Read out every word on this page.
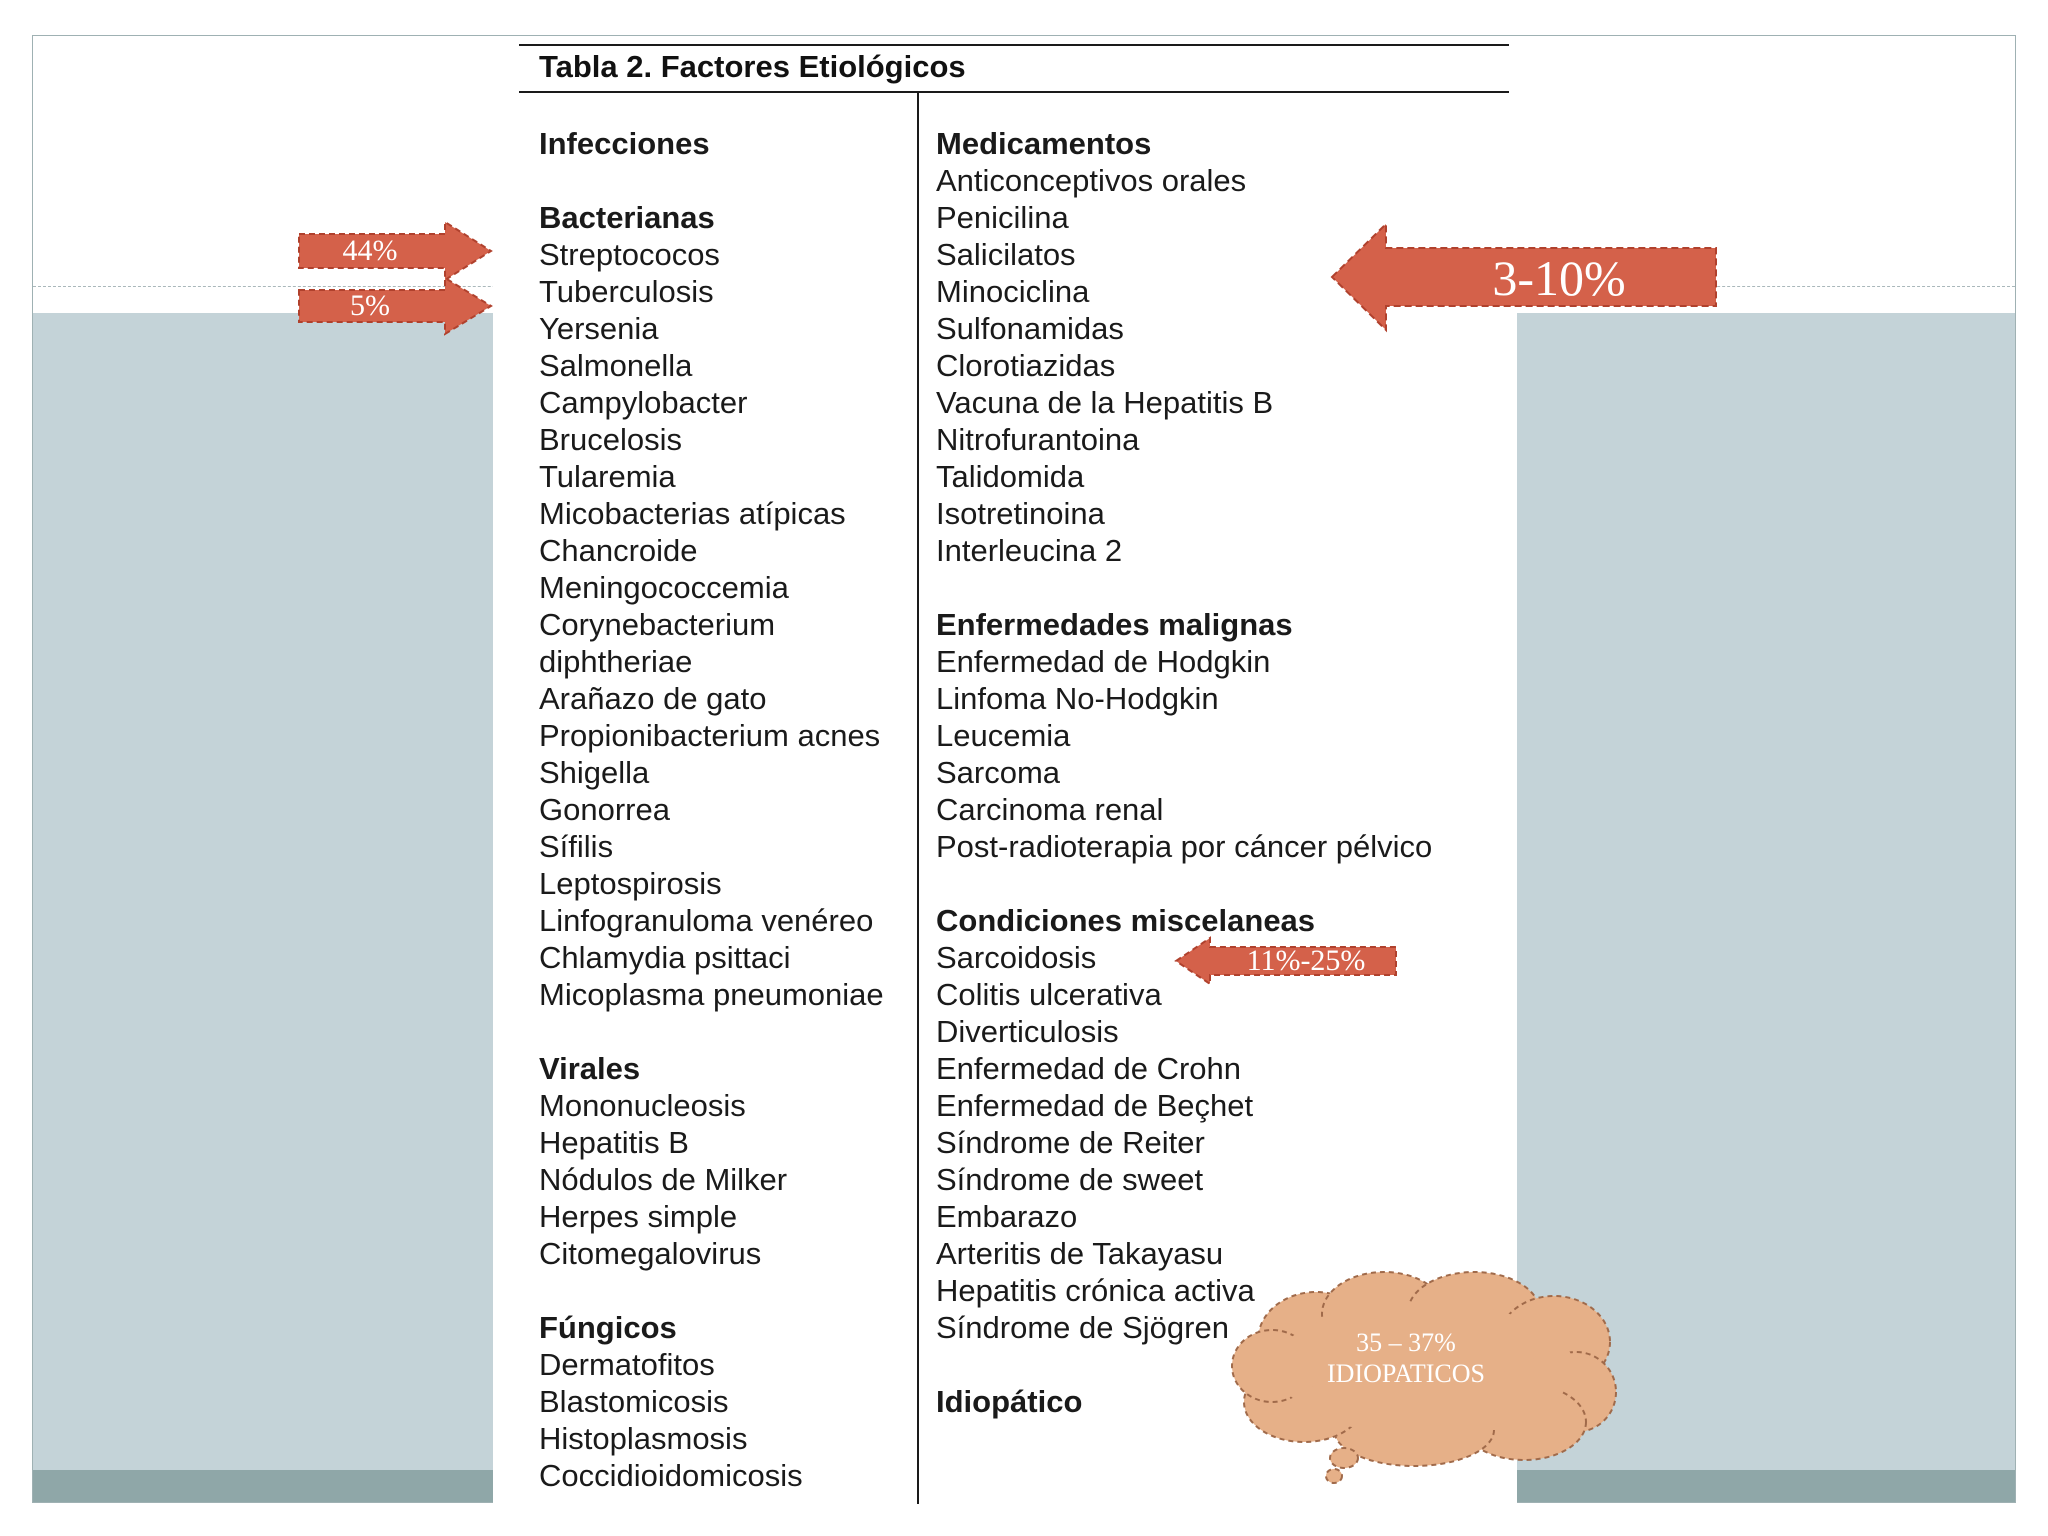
Tabla 2. Factores Etiológicos
Infecciones
Bacterianas
Streptococos
Tuberculosis
Yersenia
Salmonella
Campylobacter
Brucelosis
Tularemia
Micobacterias atípicas
Chancroide
Meningococcemia
Corynebacterium
diphtheriae
Arañazo de gato
Propionibacterium acnes
Shigella
Gonorrea
Sífilis
Leptospirosis
Linfogranuloma venéreo
Chlamydia psittaci
Micoplasma pneumoniae
Virales
Mononucleosis
Hepatitis B
Nódulos de Milker
Herpes simple
Citomegalovirus
Fúngicos
Dermatofitos
Blastomicosis
Histoplasmosis
Coccidioidomicosis
Medicamentos
Anticonceptivos orales
Penicilina
Salicilatos
Minociclina
Sulfonamidas
Clorotiazidas
Vacuna de la Hepatitis B
Nitrofurantoina
Talidomida
Isotretinoina
Interleucina 2
Enfermedades malignas
Enfermedad de Hodgkin
Linfoma No-Hodgkin
Leucemia
Sarcoma
Carcinoma renal
Post-radioterapia por cáncer pélvico
Condiciones miscelaneas
Sarcoidosis
Colitis ulcerativa
Diverticulosis
Enfermedad de Crohn
Enfermedad de Beçhet
Síndrome de Reiter
Síndrome de sweet
Embarazo
Arteritis de Takayasu
Hepatitis crónica activa
Síndrome de Sjögren
Idiopático
44%
5%	3-10%
11%-25%
35 – 37%
IDIOPATICOS
